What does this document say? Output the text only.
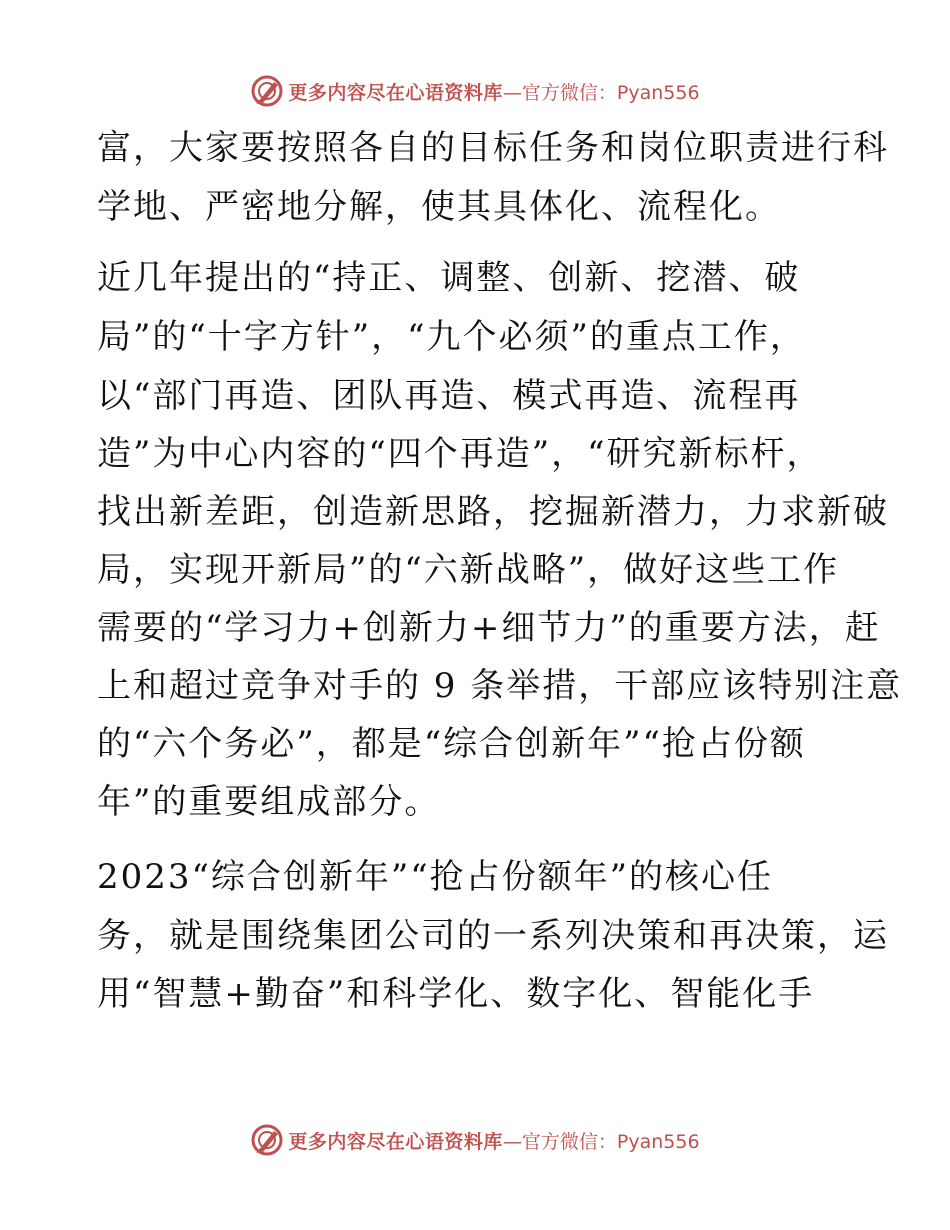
更多内容尽在心语资料库 —官方微信：Pyan556
富，大家要按照各自的目标任务和岗位职责进行科
学地、严密地分解，使其具体化、流程化。
近几年提出的“持正、调整、创新、挖潜、破
局”的“十字方针”，“九个必须”的重点工作，
以“部门再造、团队再造、模式再造、流程再
造”为中心内容的“四个再造”，“研究新标杆，
找出新差距，创造新思路，挖掘新潜力，力求新破
局，实现开新局”的“六新战略”，做好这些工作
需要的“学习力+创新力+细节力”的重要方法，赶
上和超过竞争对手的 9 条举措，干部应该特别注意
的“六个务必”，都是“综合创新年”“抢占份额
年”的重要组成部分。
2023“综合创新年”“抢占份额年”的核心任
务，就是围绕集团公司的一系列决策和再决策，运
用“智慧+勤奋”和科学化、数字化、智能化手
更多内容尽在心语资料库 —官方微信：Pyan556
